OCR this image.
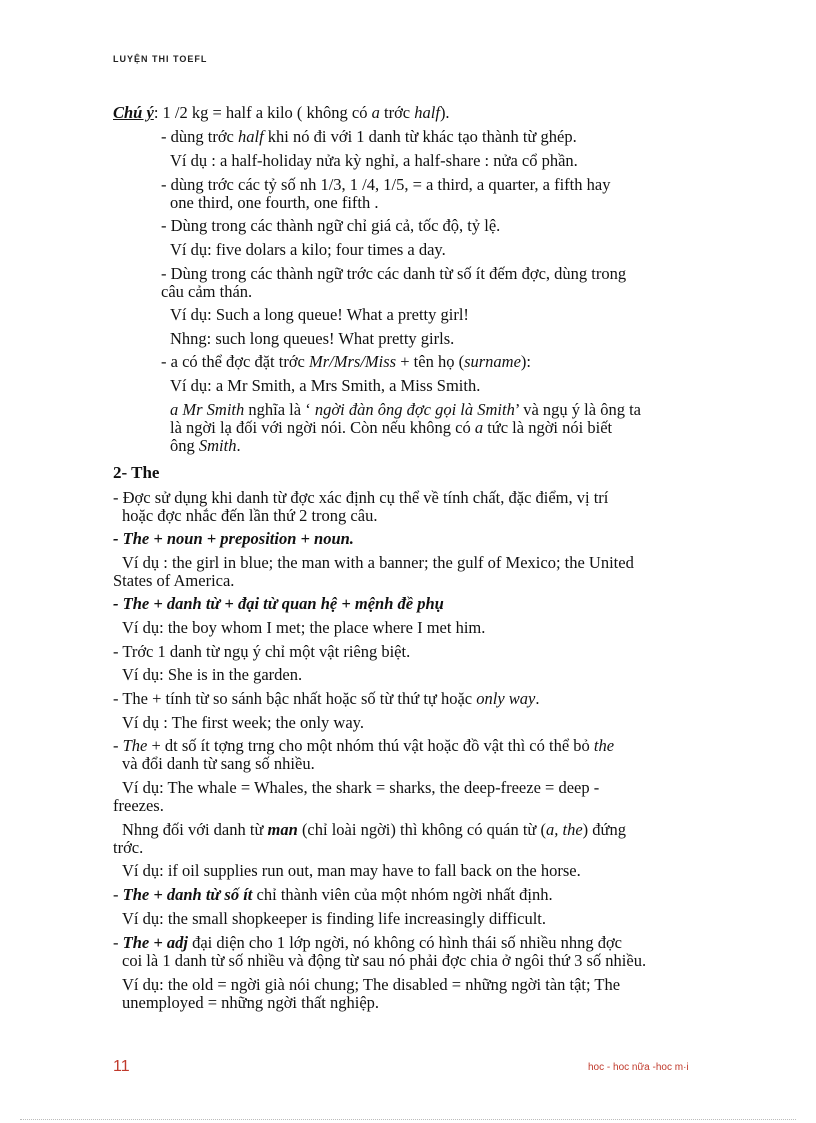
LUYỆN THI TOEFL
Chú ý: 1 /2 kg = half a kilo ( không có a trớc half).
- dùng trớc half khi nó đi với 1 danh từ khác tạo thành từ ghép.
Ví dụ : a half-holiday nửa kỳ nghỉ, a half-share : nửa cổ phần.
- dùng trớc các tỷ số nh 1/3, 1 /4, 1/5, = a third, a quarter, a fifth hay
one third, one fourth, one fifth .
- Dùng trong các thành ngữ chỉ giá cả, tốc độ, tỷ lệ.
Ví dụ: five dolars a kilo; four times a day.
- Dùng trong các thành ngữ trớc các danh từ số ít đếm đợc, dùng trong
câu cảm thán.
Ví dụ: Such a long queue! What a pretty girl!
Nhng: such long queues! What pretty girls.
- a có thể đợc đặt trớc Mr/Mrs/Miss + tên họ (surname):
Ví dụ: a Mr Smith, a Mrs Smith, a Miss Smith.
a Mr Smith nghĩa là ‘ ngời đàn ông đợc gọi là Smith’ và ngụ ý là ông ta
là ngời lạ đối với ngời nói. Còn nếu không có a tức là ngời nói biết
ông Smith.
2- The
- Đợc sử dụng khi danh từ đợc xác định cụ thể về tính chất, đặc điểm, vị trí
hoặc đợc nhắc đến lần thứ 2 trong câu.
- The + noun + preposition + noun.
Ví dụ : the girl in blue; the man with a banner; the gulf of Mexico; the United
States of America.
- The + danh từ + đại từ quan hệ + mệnh đề phụ
Ví dụ: the boy whom I met; the place where I met him.
- Trớc 1 danh từ ngụ ý chỉ một vật riêng biệt.
Ví dụ: She is in the garden.
- The + tính từ so sánh bậc nhất hoặc số từ thứ tự hoặc only way.
Ví dụ : The first week; the only way.
- The + dt số ít tợng trng cho một nhóm thú vật hoặc đồ vật thì có thể bỏ the
và đổi danh từ sang số nhiều.
Ví dụ: The whale = Whales, the shark = sharks, the deep-freeze = deep -
freezes.
Nhng đối với danh từ man (chỉ loài ngời) thì không có quán từ (a, the) đứng
trớc.
Ví dụ: if oil supplies run out, man may have to fall back on the horse.
- The + danh từ số ít chỉ thành viên của một nhóm ngời nhất định.
Ví dụ: the small shopkeeper is finding life increasingly difficult.
- The + adj đại diện cho 1 lớp ngời, nó không có hình thái số nhiều nhng đợc
coi là 1 danh từ số nhiều và động từ sau nó phải đợc chia ở ngôi thứ 3 số nhiều.
Ví dụ: the old = ngời già nói chung; The disabled = những ngời tàn tật; The
unemployed = những ngời thất nghiệp.
11	hoc - hoc nữa -hoc m·i
